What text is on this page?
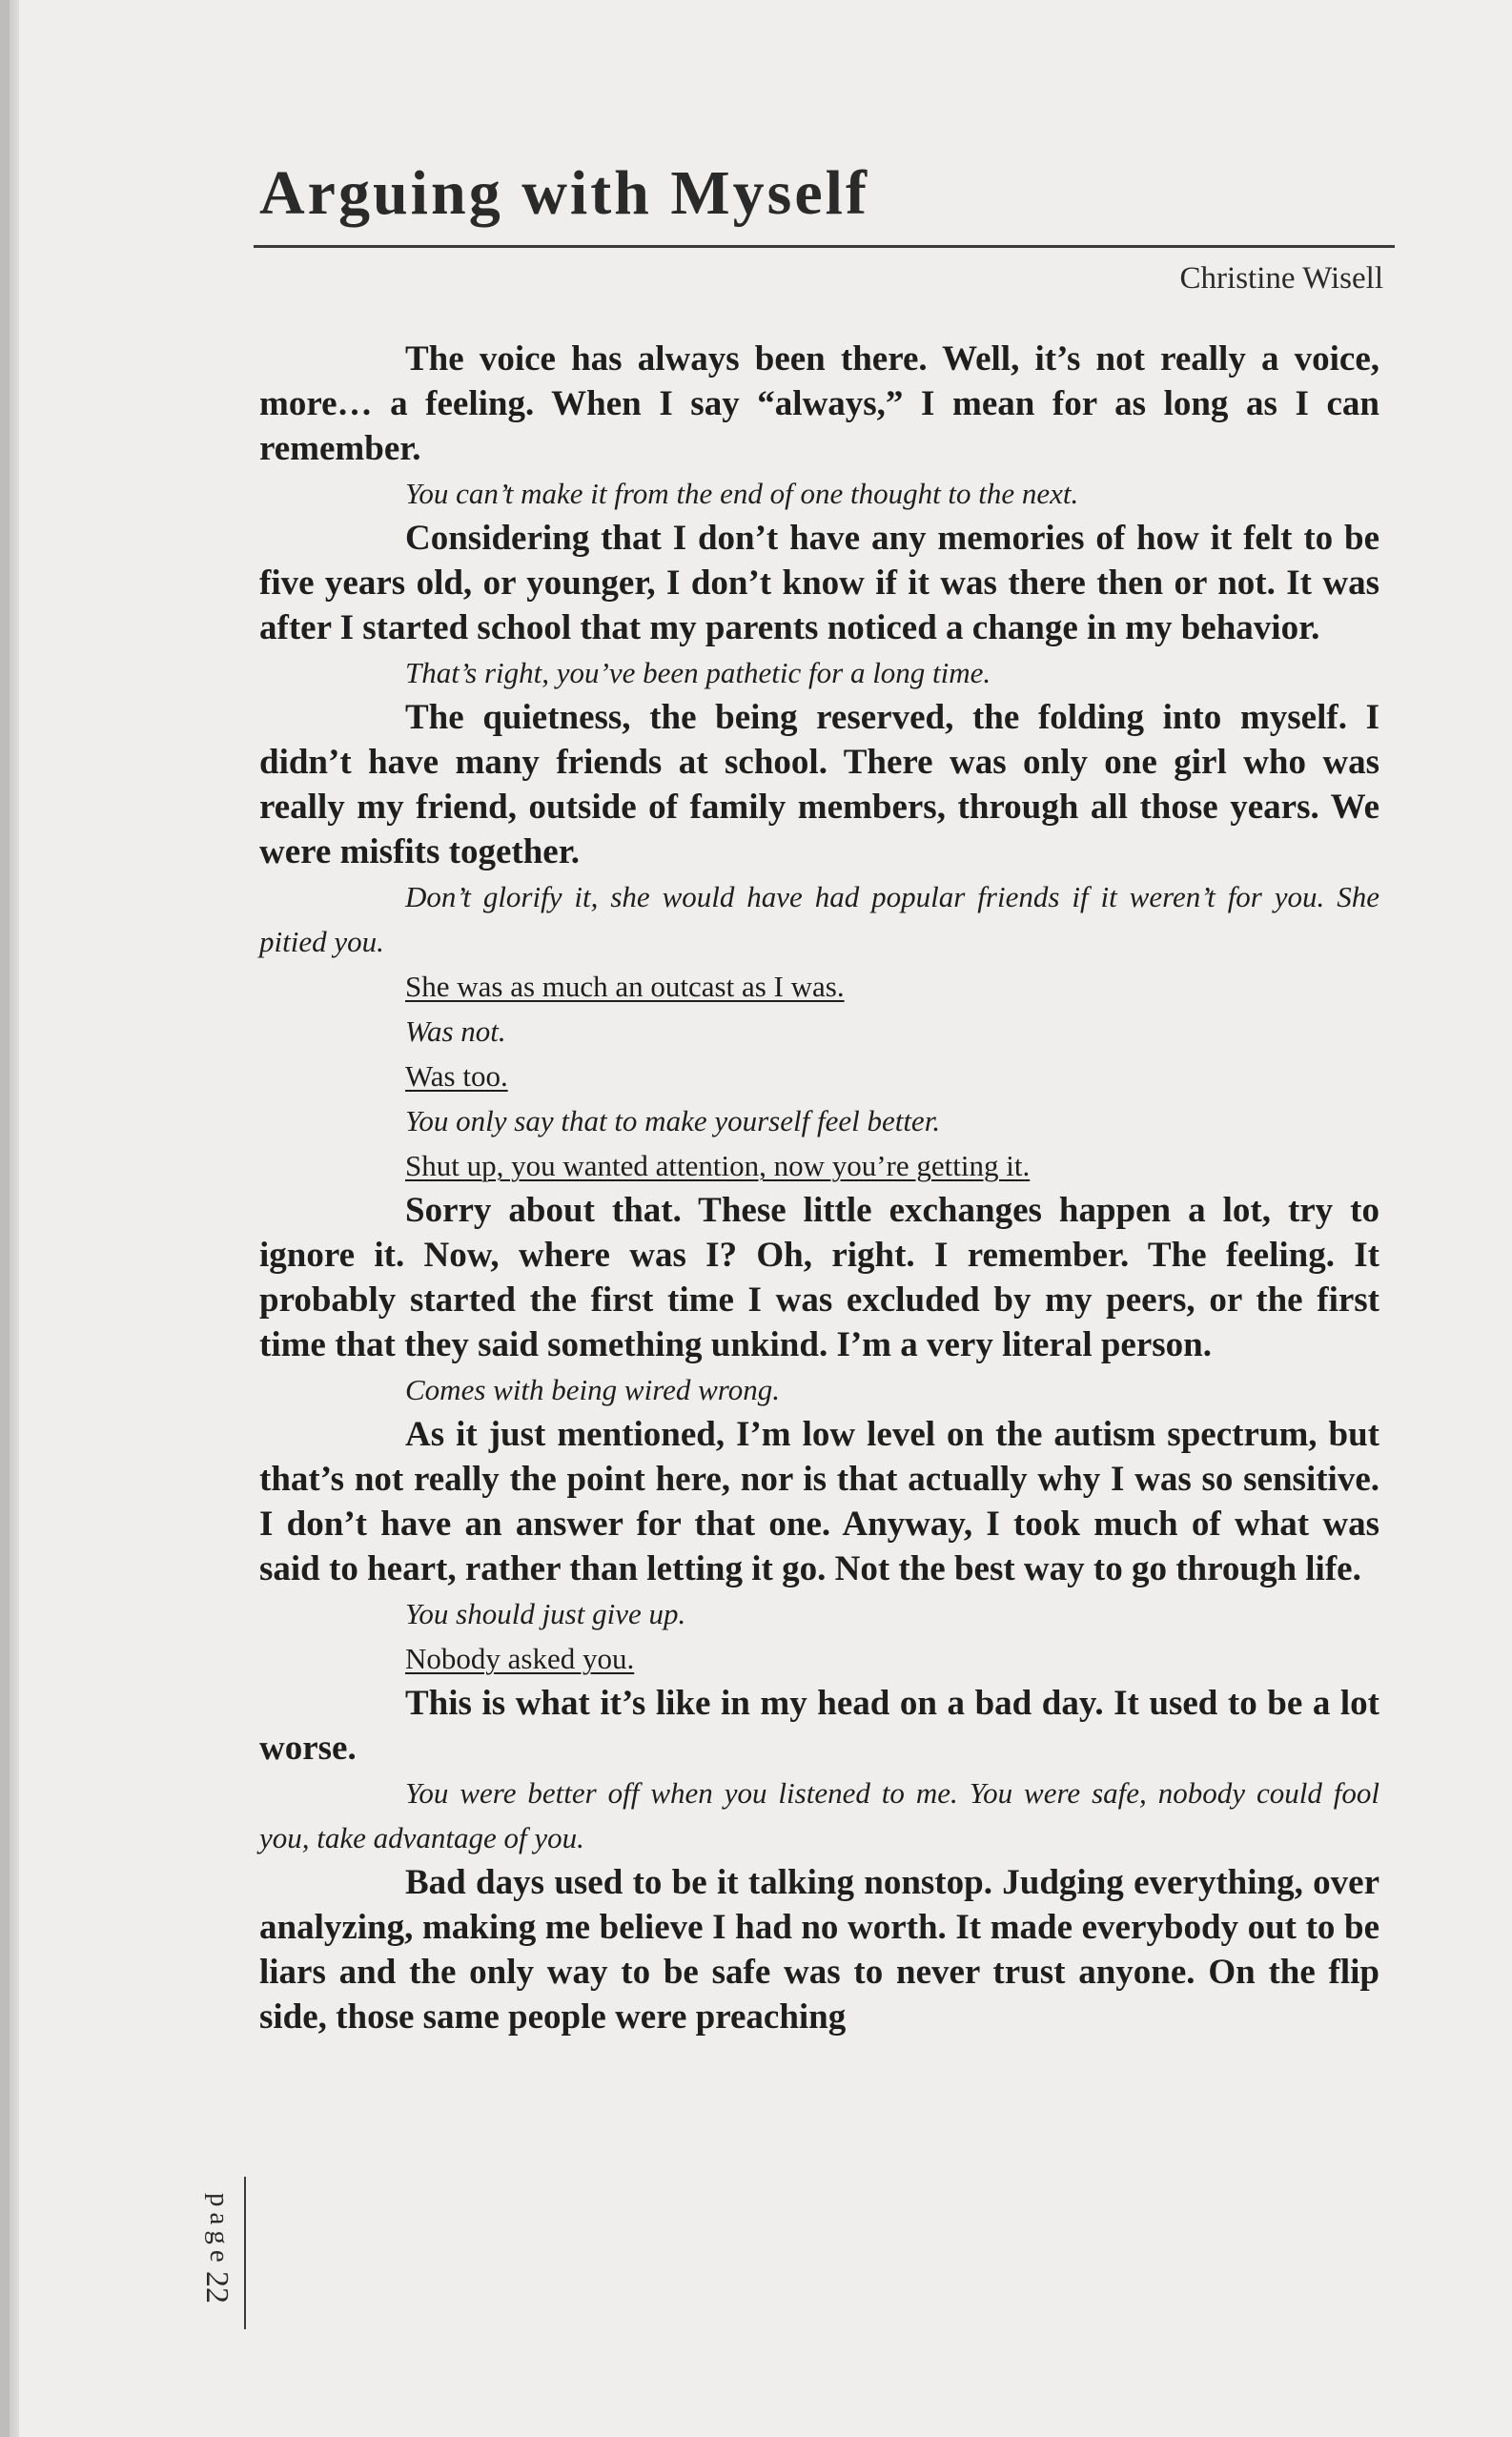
Arguing with Myself
Christine Wisell

The voice has always been there. Well, it’s not really a voice, more… a feeling. When I say “always,” I mean for as long as I can remember.

You can’t make it from the end of one thought to the next.

Considering that I don’t have any memories of how it felt to be five years old, or younger, I don’t know if it was there then or not. It was after I started school that my parents noticed a change in my behavior.

That’s right, you’ve been pathetic for a long time.

The quietness, the being reserved, the folding into myself. I didn’t have many friends at school. There was only one girl who was really my friend, outside of family members, through all those years. We were misfits together.

Don’t glorify it, she would have had popular friends if it weren’t for you. She pitied you.

She was as much an outcast as I was.

Was not.

Was too.

You only say that to make yourself feel better.

Shut up, you wanted attention, now you’re getting it.

Sorry about that. These little exchanges happen a lot, try to ignore it. Now, where was I? Oh, right. I remember. The feeling. It probably started the first time I was excluded by my peers, or the first time that they said something unkind. I’m a very literal person.

Comes with being wired wrong.

As it just mentioned, I’m low level on the autism spectrum, but that’s not really the point here, nor is that actually why I was so sensitive. I don’t have an answer for that one. Anyway, I took much of what was said to heart, rather than letting it go. Not the best way to go through life.

You should just give up.

Nobody asked you.

This is what it’s like in my head on a bad day. It used to be a lot worse.

You were better off when you listened to me. You were safe, nobody could fool you, take advantage of you.

Bad days used to be it talking nonstop. Judging everything, over analyzing, making me believe I had no worth. It made everybody out to be liars and the only way to be safe was to never trust anyone. On the flip side, those same people were preaching

page
22
